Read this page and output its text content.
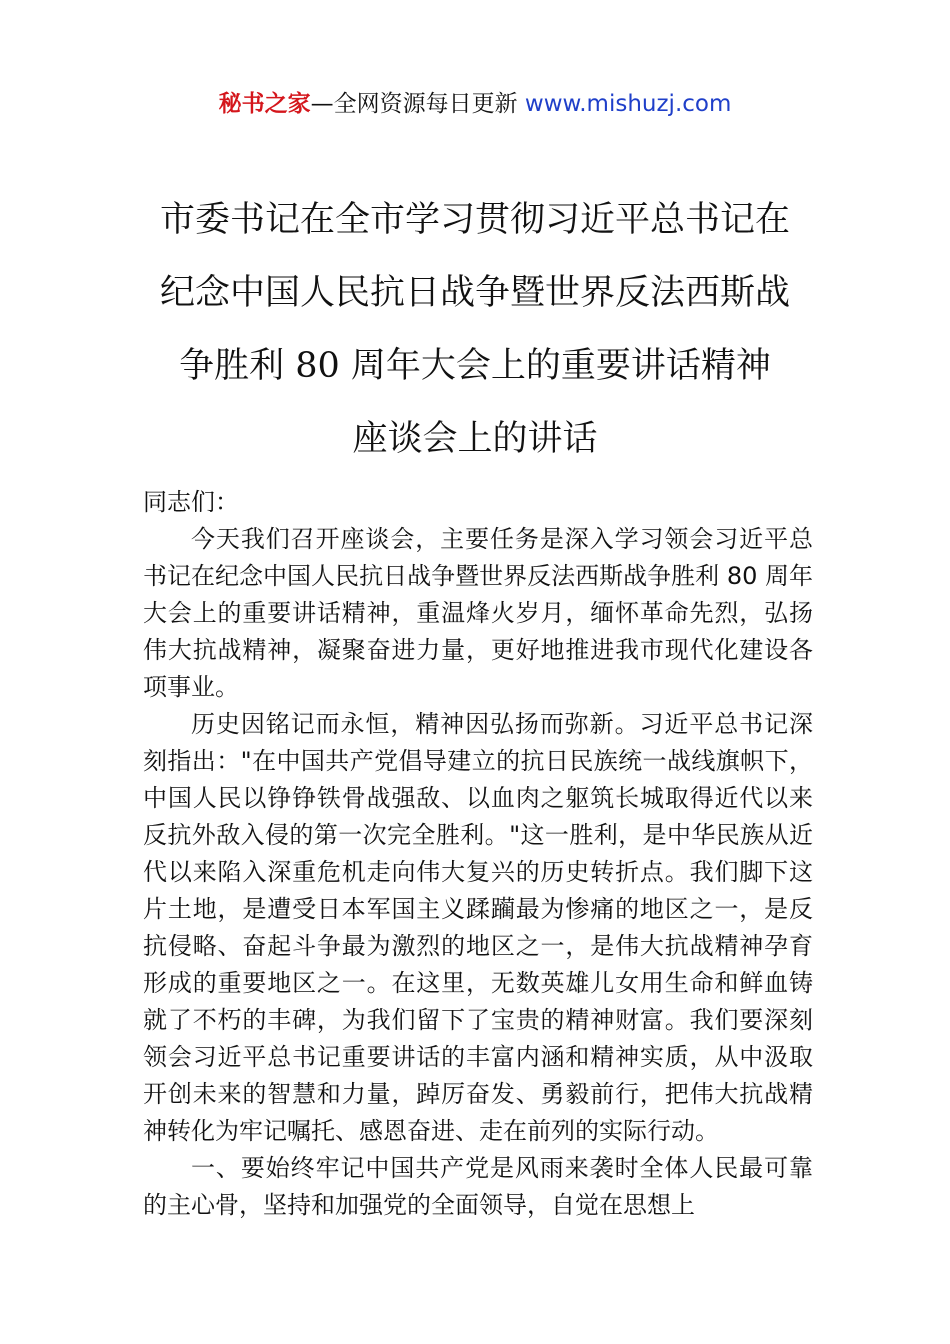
秘书之家—全网资源每日更新 www.mishuzj.com
市委书记在全市学习贯彻习近平总书记在
纪念中国人民抗日战争暨世界反法西斯战
争胜利 80 周年大会上的重要讲话精神
座谈会上的讲话

同志们：

今天我们召开座谈会，主要任务是深入学习领会习近平总书记在纪念中国人民抗日战争暨世界反法西斯战争胜利 80 周年大会上的重要讲话精神，重温烽火岁月，缅怀革命先烈，弘扬伟大抗战精神，凝聚奋进力量，更好地推进我市现代化建设各项事业。

历史因铭记而永恒，精神因弘扬而弥新。习近平总书记深刻指出："在中国共产党倡导建立的抗日民族统一战线旗帜下，中国人民以铮铮铁骨战强敌、以血肉之躯筑长城取得近代以来反抗外敌入侵的第一次完全胜利。"这一胜利，是中华民族从近代以来陷入深重危机走向伟大复兴的历史转折点。我们脚下这片土地，是遭受日本军国主义蹂躏最为惨痛的地区之一，是反抗侵略、奋起斗争最为激烈的地区之一，是伟大抗战精神孕育形成的重要地区之一。在这里，无数英雄儿女用生命和鲜血铸就了不朽的丰碑，为我们留下了宝贵的精神财富。我们要深刻领会习近平总书记重要讲话的丰富内涵和精神实质，从中汲取开创未来的智慧和力量，踔厉奋发、勇毅前行，把伟大抗战精神转化为牢记嘱托、感恩奋进、走在前列的实际行动。

一、要始终牢记中国共产党是风雨来袭时全体人民最可靠的主心骨，坚持和加强党的全面领导，自觉在思想上
